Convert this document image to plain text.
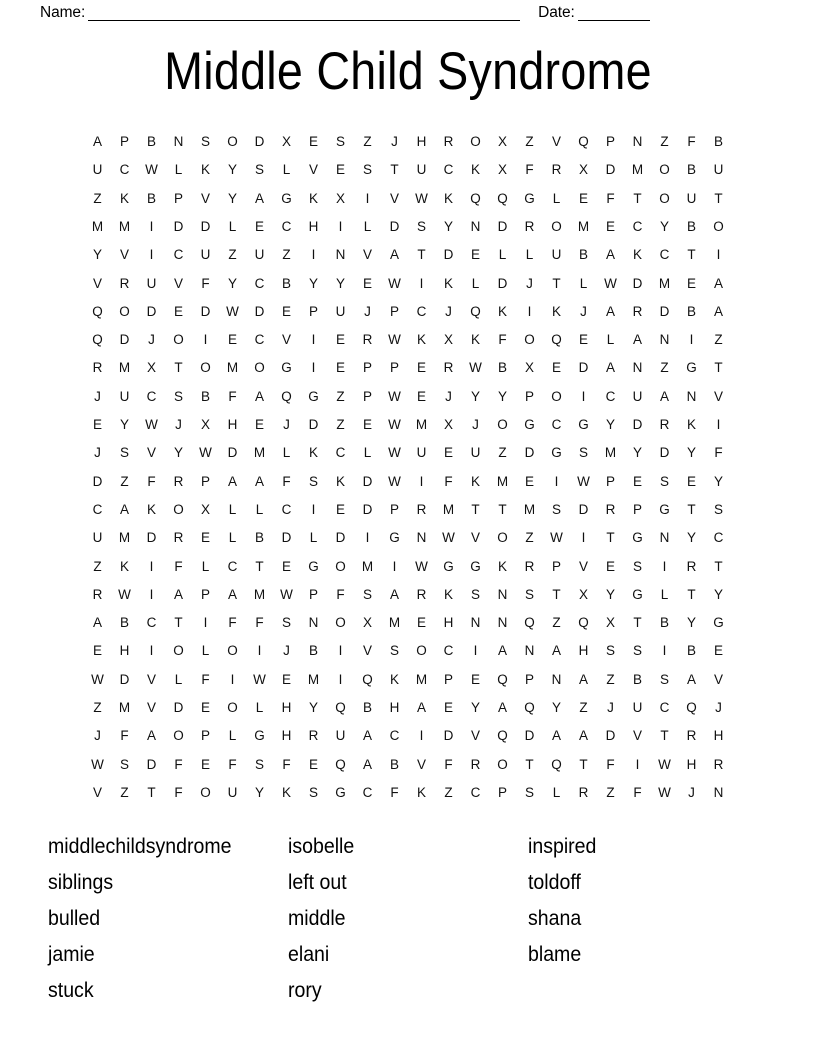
Name:	Date:
Middle Child Syndrome
A	P	B	N	S	O	D	X	E	S	Z	J	H	R	O	X	Z	V	Q	P	N	Z	F	B
U	C	W	L	K	Y	S	L	V	E	S	T	U	C	K	X	F	R	X	D	M	O	B	U
Z	K	B	P	V	Y	A	G	K	X	I	V	W	K	Q	Q	G	L	E	F	T	O	U	T
M	M	I	D	D	L	E	C	H	I	L	D	S	Y	N	D	R	O	M	E	C	Y	B	O
Y	V	I	C	U	Z	U	Z	I	N	V	A	T	D	E	L	L	U	B	A	K	C	T	I
V	R	U	V	F	Y	C	B	Y	Y	E	W	I	K	L	D	J	T	L	W	D	M	E	A
Q	O	D	E	D	W	D	E	P	U	J	P	C	J	Q	K	I	K	J	A	R	D	B	A
Q	D	J	O	I	E	C	V	I	E	R	W	K	X	K	F	O	Q	E	L	A	N	I	Z
R	M	X	T	O	M	O	G	I	E	P	P	E	R	W	B	X	E	D	A	N	Z	G	T
J	U	C	S	B	F	A	Q	G	Z	P	W	E	J	Y	Y	P	O	I	C	U	A	N	V
E	Y	W	J	X	H	E	J	D	Z	E	W	M	X	J	O	G	C	G	Y	D	R	K	I
J	S	V	Y	W	D	M	L	K	C	L	W	U	E	U	Z	D	G	S	M	Y	D	Y	F
D	Z	F	R	P	A	A	F	S	K	D	W	I	F	K	M	E	I	W	P	E	S	E	Y
C	A	K	O	X	L	L	C	I	E	D	P	R	M	T	T	M	S	D	R	P	G	T	S
U	M	D	R	E	L	B	D	L	D	I	G	N	W	V	O	Z	W	I	T	G	N	Y	C
Z	K	I	F	L	C	T	E	G	O	M	I	W	G	G	K	R	P	V	E	S	I	R	T
R	W	I	A	P	A	M	W	P	F	S	A	R	K	S	N	S	T	X	Y	G	L	T	Y
A	B	C	T	I	F	F	S	N	O	X	M	E	H	N	N	Q	Z	Q	X	T	B	Y	G
E	H	I	O	L	O	I	J	B	I	V	S	O	C	I	A	N	A	H	S	S	I	B	E
W	D	V	L	F	I	W	E	M	I	Q	K	M	P	E	Q	P	N	A	Z	B	S	A	V
Z	M	V	D	E	O	L	H	Y	Q	B	H	A	E	Y	A	Q	Y	Z	J	U	C	Q	J
J	F	A	O	P	L	G	H	R	U	A	C	I	D	V	Q	D	A	A	D	V	T	R	H
W	S	D	F	E	F	S	F	E	Q	A	B	V	F	R	O	T	Q	T	F	I	W	H	R
V	Z	T	F	O	U	Y	K	S	G	C	F	K	Z	C	P	S	L	R	Z	F	W	J	N
middlechildsyndrome
siblings
bulled
jamie
stuck
isobelle
left out
middle
elani
rory
inspired
toldoff
shana
blame
